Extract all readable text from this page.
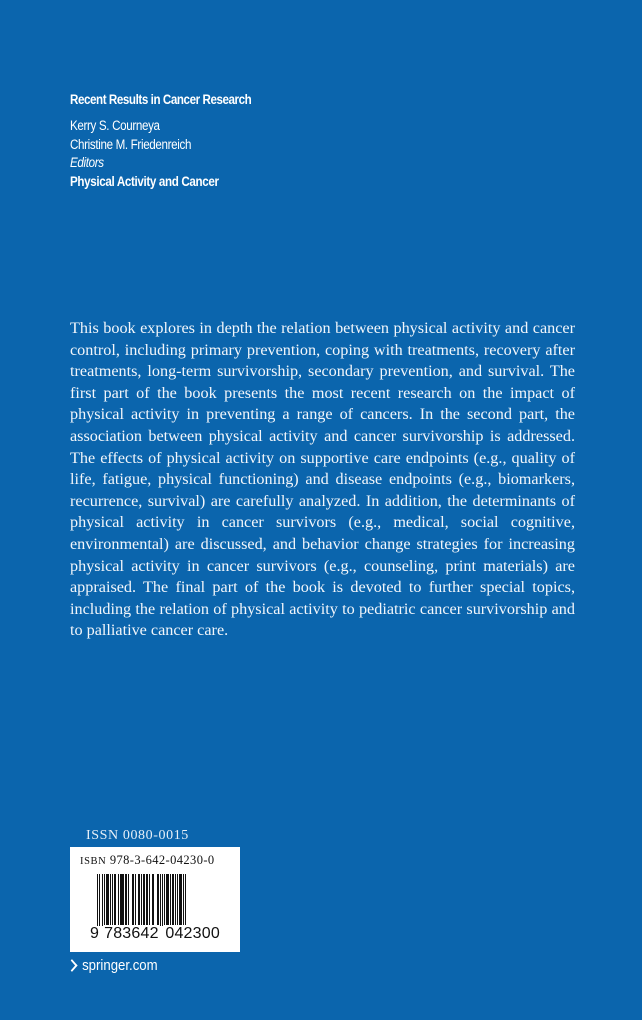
Recent Results in Cancer Research
Kerry S. Courneya
Christine M. Friedenreich
Editors
Physical Activity and Cancer
This book explores in depth the relation between physical activity and cancer control, including primary prevention, coping with treatments, recovery after treatments, long-term survivorship, secondary prevention, and survival. The first part of the book presents the most recent research on the impact of physical activity in preventing a range of cancers. In the second part, the association between physical activity and cancer survivorship is addressed. The effects of physical activity on supportive care endpoints (e.g., quality of life, fatigue, physical functioning) and disease endpoints (e.g., biomarkers, recurrence, survival) are carefully analyzed. In addition, the determinants of physical activity in cancer survivors (e.g., medical, social cognitive, environmental) are discussed, and behavior change strategies for increasing physical activity in cancer survivors (e.g., counseling, print materials) are appraised. The final part of the book is devoted to further special topics, including the relation of physical activity to pediatric cancer survivorship and to palliative cancer care.
ISSN 0080-0015
ISBN 978-3-642-04230-0
9 783642 042300
springer.com
